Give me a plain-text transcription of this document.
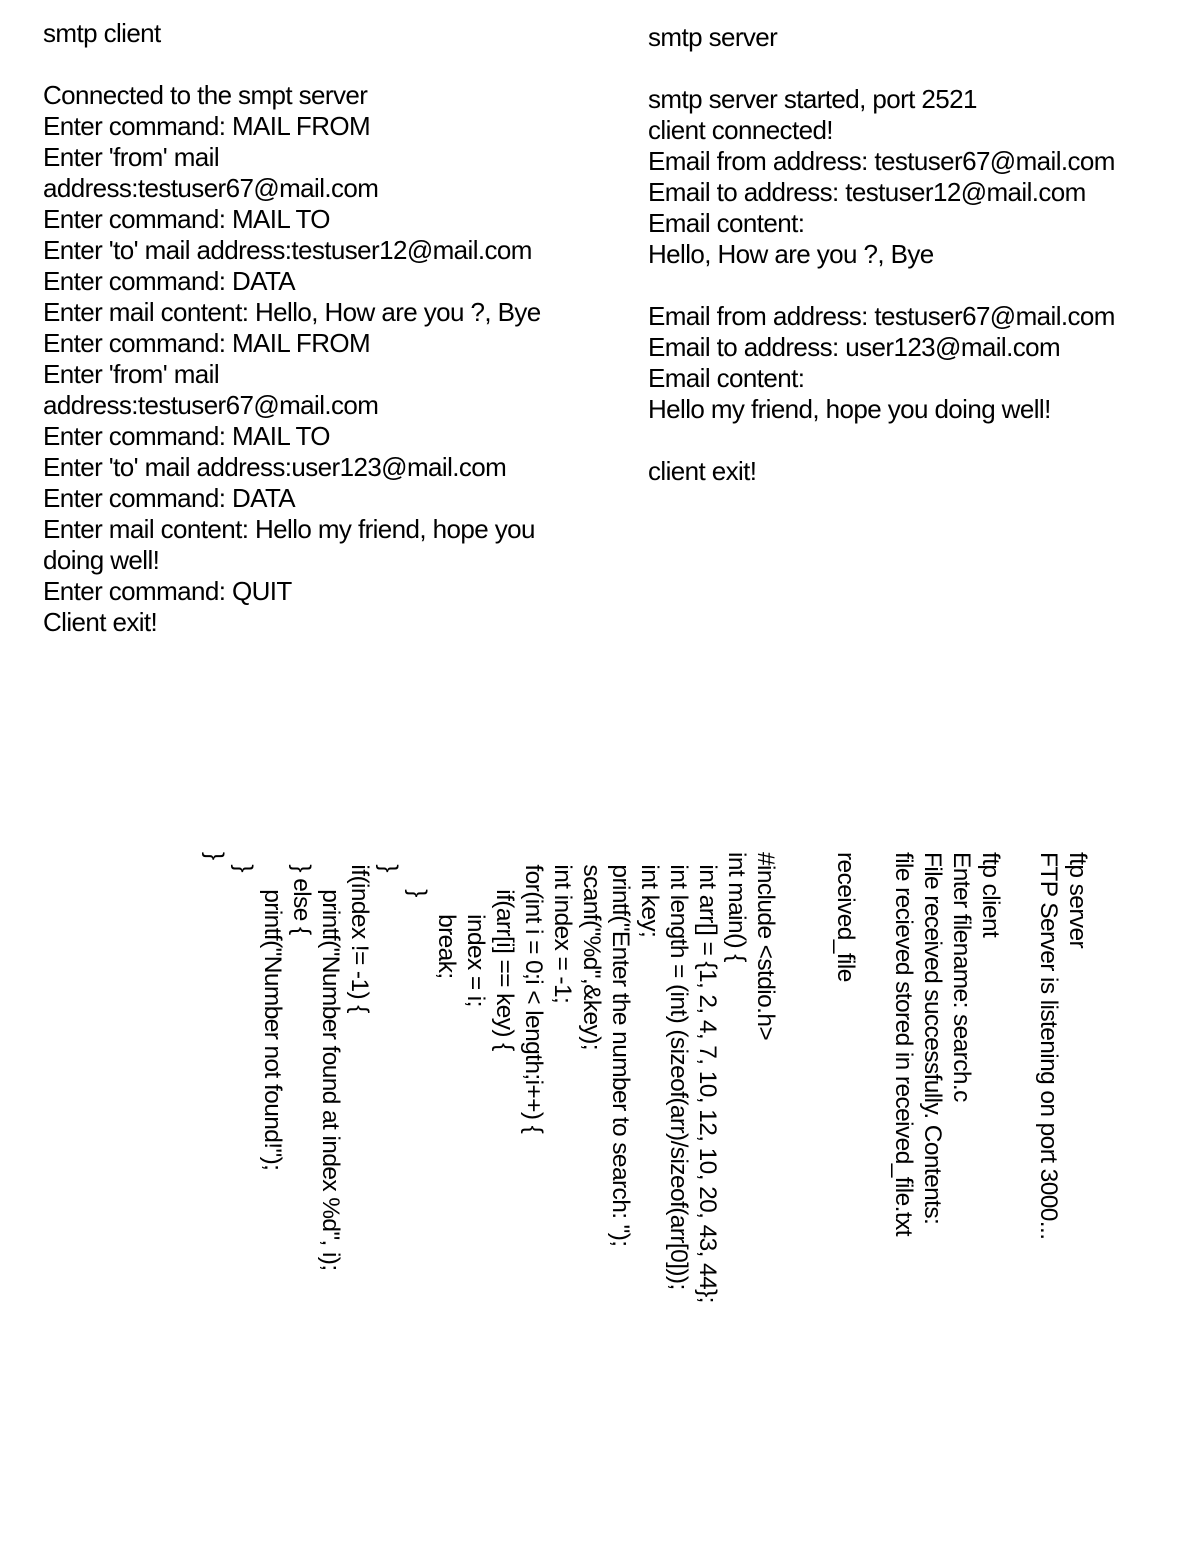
smtp client
Connected to the smpt server
Enter command: MAIL FROM
Enter 'from' mail
address:testuser67@mail.com
Enter command: MAIL TO
Enter 'to' mail address:testuser12@mail.com
Enter command: DATA
Enter mail content: Hello, How are you ?, Bye
Enter command: MAIL FROM
Enter 'from' mail
address:testuser67@mail.com
Enter command: MAIL TO
Enter 'to' mail address:user123@mail.com
Enter command: DATA
Enter mail content: Hello my friend, hope you
doing well!
Enter command: QUIT
Client exit!
smtp server
smtp server started, port 2521
client connected!
Email from address: testuser67@mail.com
Email to address: testuser12@mail.com
Email content:
Hello, How are you ?, Bye
Email from address: testuser67@mail.com
Email to address: user123@mail.com
Email content:
Hello my friend, hope you doing well!
client exit!
ftp server
FTP Server is listening on port 3000...
ftp client
Enter filename: search.c
File received successfully. Contents:
file recieved stored in received_file.txt
received_file
#include <stdio.h>
int main() {
int arr[] = {1, 2, 4, 7, 10, 12, 10, 20, 43, 44};
int length = (int) (sizeof(arr)/sizeof(arr[0]));
int key;
printf("Enter the number to search: ");
scanf("%d",&key);
int index = -1;
for(int i = 0;i < length;i++) {
if(arr[i] == key) {
index = i;
break;
}
}
if(index != -1) {
printf("Number found at index %d", i);
} else {
printf("Number not found!");
}
}
